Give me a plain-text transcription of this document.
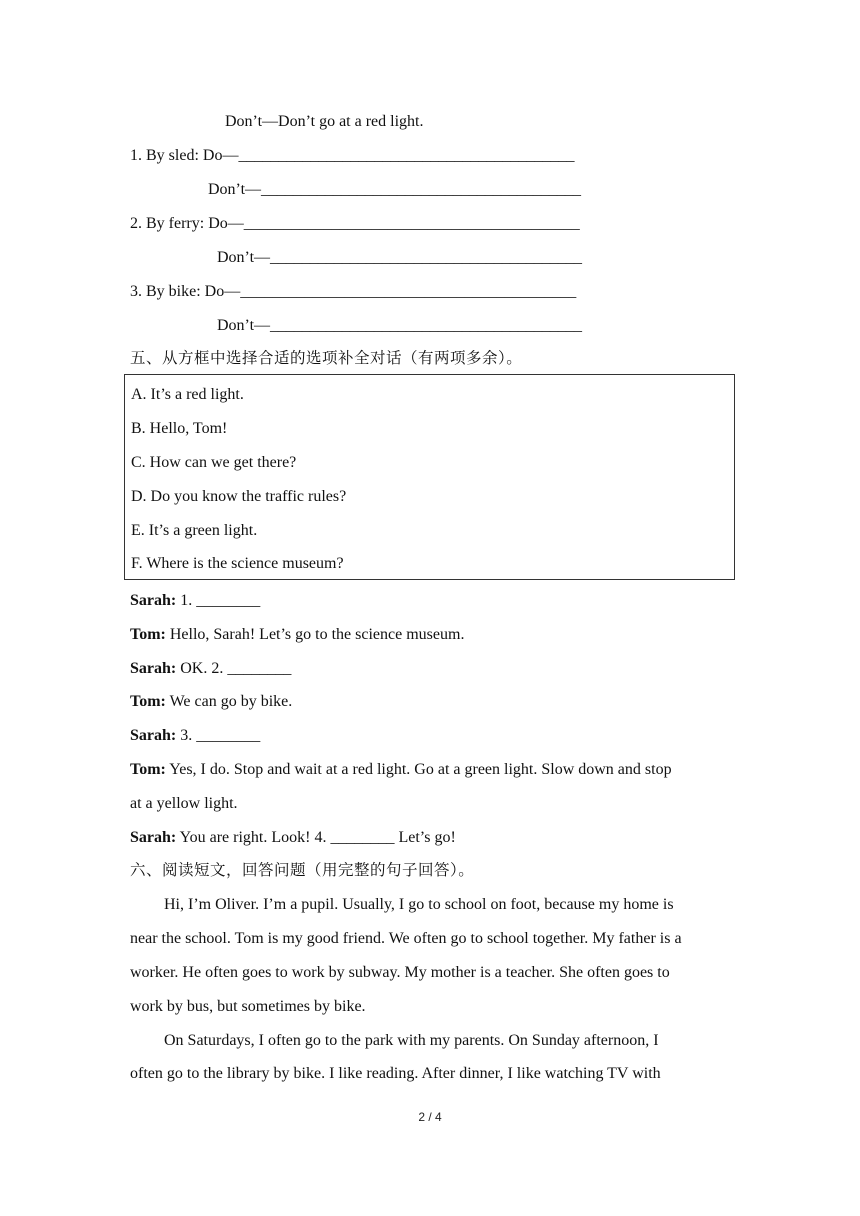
Don’t—Don’t go at a red light.
1. By sled: Do—__________________________________________
Don’t—________________________________________
2. By ferry: Do—__________________________________________
Don’t—_______________________________________
3. By bike: Do—__________________________________________
Don’t—_______________________________________
五、从方框中选择合适的选项补全对话（有两项多余）。
A. It’s a red light.
B. Hello, Tom!
C. How can we get there?
D. Do you know the traffic rules?
E. It’s a green light.
F. Where is the science museum?
Sarah: 1. ________
Tom: Hello, Sarah! Let’s go to the science museum.
Sarah: OK. 2. ________
Tom: We can go by bike.
Sarah: 3. ________
Tom: Yes, I do. Stop and wait at a red light. Go at a green light. Slow down and stop
at a yellow light.
Sarah: You are right. Look! 4. ________ Let’s go!
六、阅读短文，回答问题（用完整的句子回答）。
Hi, I’m Oliver. I’m a pupil. Usually, I go to school on foot, because my home is
near the school. Tom is my good friend. We often go to school together. My father is a
worker. He often goes to work by subway. My mother is a teacher. She often goes to
work by bus, but sometimes by bike.
On Saturdays, I often go to the park with my parents. On Sunday afternoon, I
often go to the library by bike. I like reading. After dinner, I like watching TV with
2 / 4
